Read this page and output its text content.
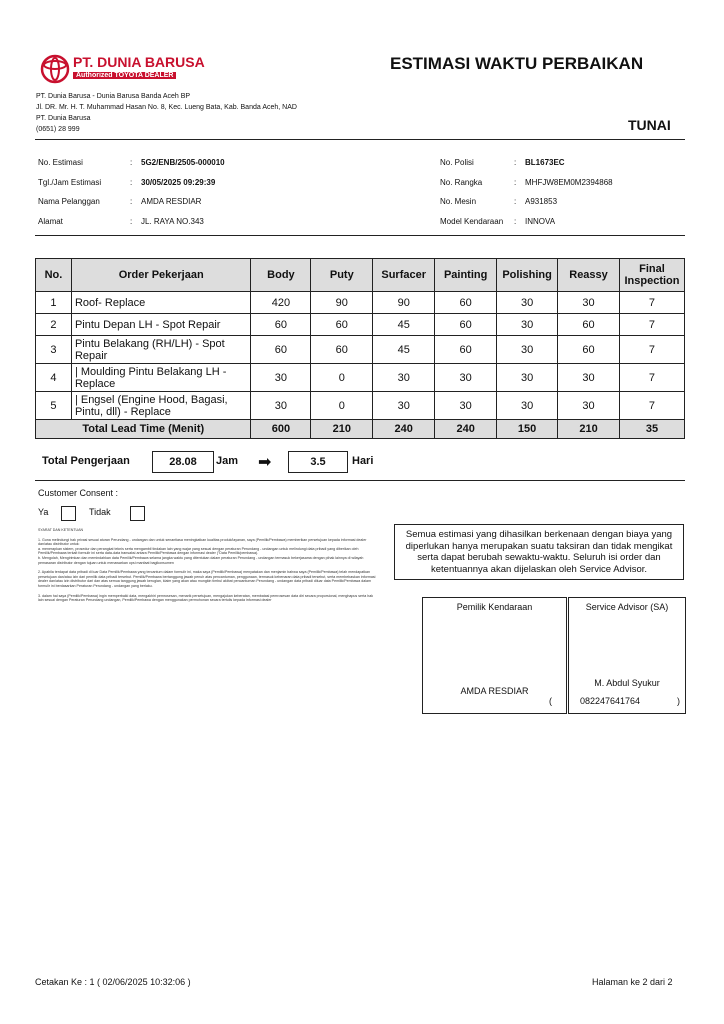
PT. DUNIA BARUSA
Authorized TOYOTA DEALER
ESTIMASI WAKTU PERBAIKAN
PT. Dunia Barusa - Dunia Barusa Banda Aceh BP
Jl. DR. Mr. H. T. Muhammad Hasan No. 8, Kec. Lueng Bata, Kab. Banda Aceh, NAD
PT. Dunia Barusa
(0651) 28 999	TUNAI
No. Estimasi	: 5G2/ENB/2505-000010
Tgl./Jam Estimasi	: 30/05/2025 09:29:39
Nama Pelanggan	: AMDA RESDIAR
Alamat	: JL. RAYA NO.343
No. Polisi	: BL1673EC
No. Rangka	: MHFJW8EM0M2394868
No. Mesin	: A931853
Model Kendaraan : INNOVA
No.	Order Pekerjaan	Body	Puty	Surfacer	Painting	Polishing	Reassy	Final Inspection
1	Roof- Replace	420	90	90	60	30	30	7
2	Pintu Depan LH - Spot Repair	60	60	45	60	30	60	7
3	Pintu Belakang (RH/LH) - Spot Repair	60	60	45	60	30	60	7
4	| Moulding Pintu Belakang LH - Replace	30	0	30	30	30	30	7
5	| Engsel (Engine Hood, Bagasi, Pintu, dll) - Replace	30	0	30	30	30	30	7
Total Lead Time (Menit)		600	210	240	240	150	210	35
Total Pengerjaan	28.08	Jam ➡	3.5	Hari
Customer Consent :
Ya	Tidak
SYARAT DAN KETENTUAN
1. Guna melindungi hak privasi sesuai aturan Perundang - undangan dan untuk senantiasa meningkatkan kualitas produk/layanan, saya (Pemilik/Pembawa) memberikan persetujuan kepada informasi dealer dan/atau distributor untuk:
a. menerapkan sistem, prosedur dan perangkat teknis serta mengambil tindakan lain yang wajar yang sesuai dengan peraturan Perundang - undangan untuk melindungi data pribadi yang diberikan oleh Pemilik/Pembawa terkait formulir ini serta data-data transaksi antara Pemilik/Pembawa dengan informasi dealer ("Data Pemilik/pembawa).
b. Mengolah, Mengirimkan dan memindahkan data Pemilik/Pembawa selama jangka waktu yang ditentukan dalam peraturan Perundang - undangan termasuk bekerjasama dengan pihak lainnya di wilayah pemasaran distributor dengan tujuan untuk menawarkan opsi manfaat bagikonsumen
2. Apabila terdapat data pribadi di luar Data Pemilik/Pembawa yang tercantum dalam formulir ini, maka saya (Pemilik/Pembawa) menyatakan dan menjamin bahwa saya (Pemilik/Pembawa) telah mendapatkan persetujuan dan/atau izin dari pemilik data pribadi tersebut. Pemilik/Pembawa bertanggung jawab penuh atas pencantuman, penggunaan, termasuk kebenaran data pribadi tersebut, serta membebaskan informasi dealer dan/atau izin distributor dari dan atas semua tanggung jawab kerugian, klaim yang akan atau mungkin timbul akibat pencantuman Perundang - undangan data pribadi diluar data Pemilik/Pembawa dalam formulir ini berdasarkan Peraturan Perundang - undangan yang berlaku.
3. dalam hal saya (Pemilik/Pembawa) ingin memperbaiki data, mengakhiri pemrosesan, menarik persetujuan, mengajukan keberatan, membatasi pemrosesan data diri secara proporsional, menghapus serta hak lain sesuai dengan Peraturan Perundang undangan, Pemilik/Pembawa dengan menggunakan permohonan secara tertulis kepada informasi dealer
Semua estimasi yang dihasilkan berkenaan dengan biaya yang diperlukan hanya merupakan suatu taksiran dan tidak mengikat serta dapat berubah sewaktu-waktu. Seluruh isi order dan ketentuannya akan dijelaskan oleh Service Advisor.
Pemilik Kendaraan
AMDA RESDIAR
Service Advisor (SA)
M. Abdul Syukur
(	082247641764	)
Cetakan Ke : 1 ( 02/06/2025 10:32:06 )	Halaman ke 2 dari 2
